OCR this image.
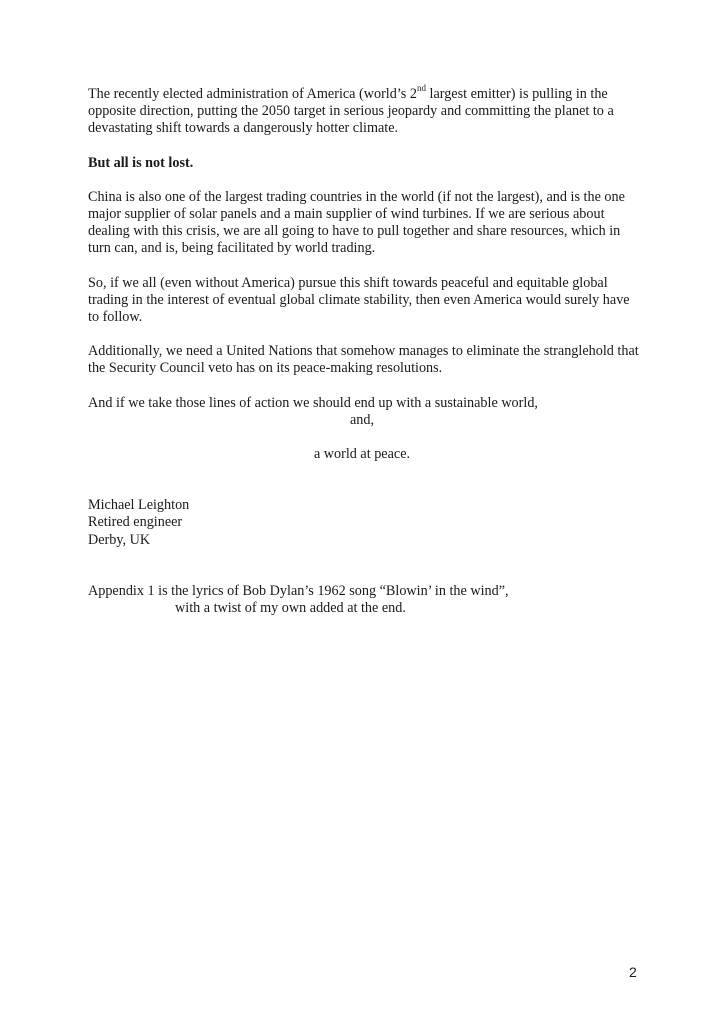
The recently elected administration of America (world’s 2nd largest emitter) is pulling in the opposite direction, putting the 2050 target in serious jeopardy and committing the planet to a devastating shift towards a dangerously hotter climate.

But all is not lost.

China is also one of the largest trading countries in the world (if not the largest), and is the one major supplier of solar panels and a main supplier of wind turbines. If we are serious about dealing with this crisis, we are all going to have to pull together and share resources, which in turn can, and is, being facilitated by world trading.

So, if we all (even without America) pursue this shift towards peaceful and equitable global trading in the interest of eventual global climate stability, then even America would surely have to follow.

Additionally, we need a United Nations that somehow manages to eliminate the stranglehold that the Security Council veto has on its peace-making resolutions.

And if we take those lines of action we should end up with a sustainable world,
and,
a world at peace.

Michael Leighton
Retired engineer
Derby, UK

Appendix 1 is the lyrics of Bob Dylan’s 1962 song “Blowin’ in the wind”,
with a twist of my own added at the end.

2
